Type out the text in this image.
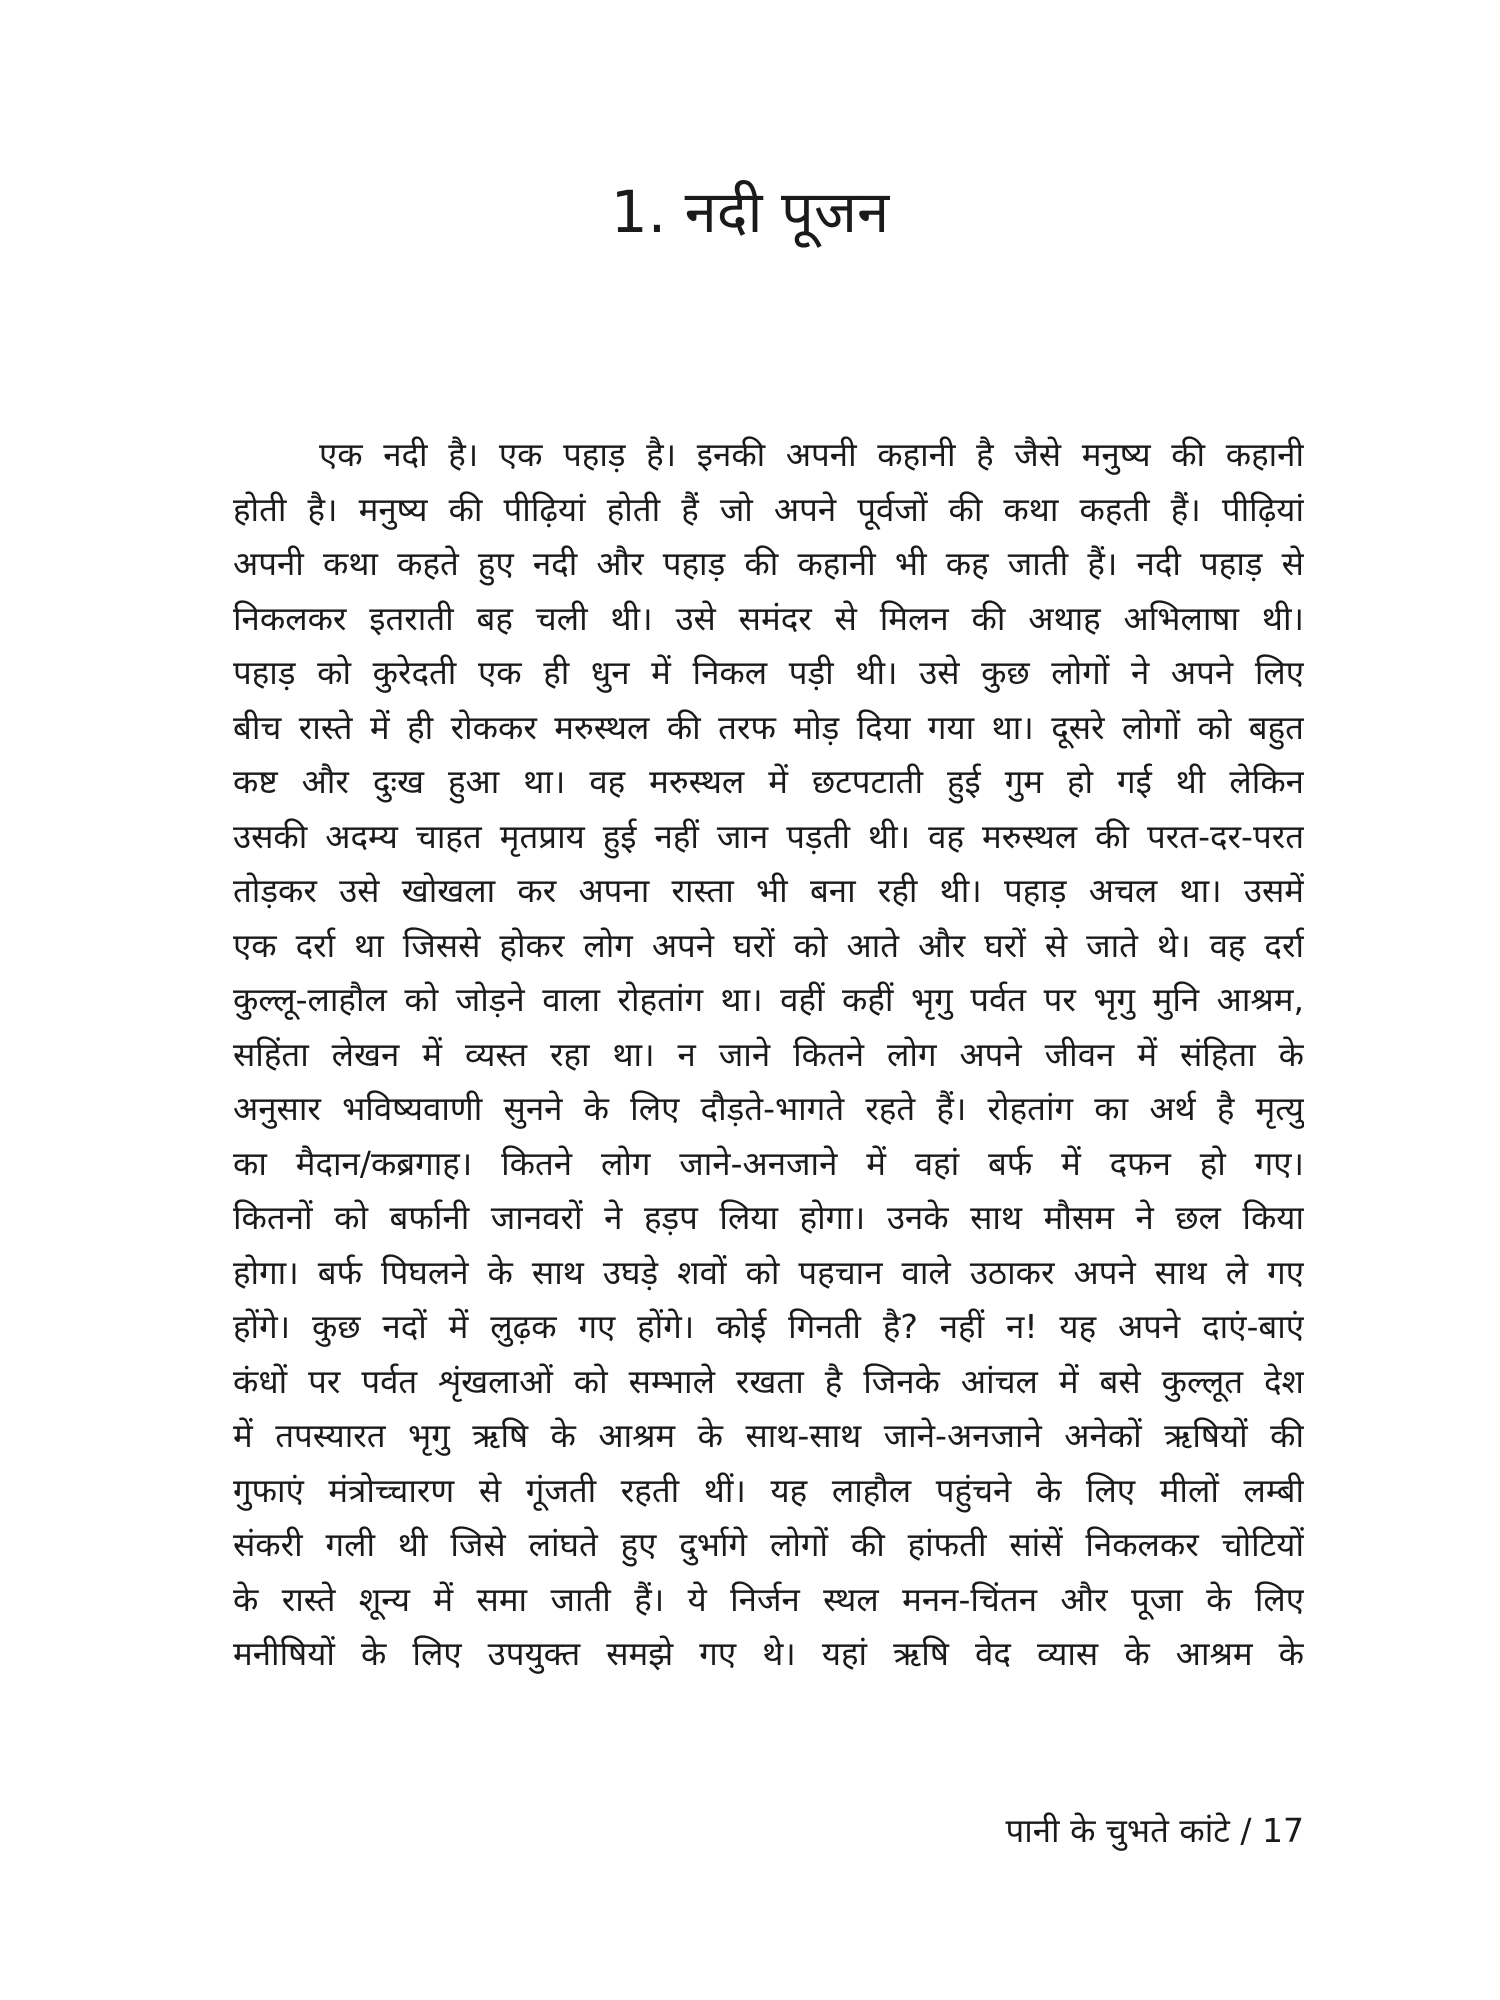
1. नदी पूजन
एक नदी है। एक पहाड़ है। इनकी अपनी कहानी है जैसे मनुष्य की कहानी
होती है। मनुष्य की पीढ़ियां होती हैं जो अपने पूर्वजों की कथा कहती हैं। पीढ़ियां
अपनी कथा कहते हुए नदी और पहाड़ की कहानी भी कह जाती हैं। नदी पहाड़ से
निकलकर इतराती बह चली थी। उसे समंदर से मिलन की अथाह अभिलाषा थी।
पहाड़ को कुरेदती एक ही धुन में निकल पड़ी थी। उसे कुछ लोगों ने अपने लिए
बीच रास्ते में ही रोककर मरुस्थल की तरफ मोड़ दिया गया था। दूसरे लोगों को बहुत
कष्ट और दुःख हुआ था। वह मरुस्थल में छटपटाती हुई गुम हो गई थी लेकिन
उसकी अदम्य चाहत मृतप्राय हुई नहीं जान पड़ती थी। वह मरुस्थल की परत-दर-परत
तोड़कर उसे खोखला कर अपना रास्ता भी बना रही थी। पहाड़ अचल था। उसमें
एक दर्रा था जिससे होकर लोग अपने घरों को आते और घरों से जाते थे। वह दर्रा
कुल्लू-लाहौल को जोड़ने वाला रोहतांग था। वहीं कहीं भृगु पर्वत पर भृगु मुनि आश्रम,
सहिंता लेखन में व्यस्त रहा था। न जाने कितने लोग अपने जीवन में संहिता के
अनुसार भविष्यवाणी सुनने के लिए दौड़ते-भागते रहते हैं। रोहतांग का अर्थ है मृत्यु
का मैदान/कब्रगाह। कितने लोग जाने-अनजाने में वहां बर्फ में दफन हो गए।
कितनों को बर्फानी जानवरों ने हड़प लिया होगा। उनके साथ मौसम ने छल किया
होगा। बर्फ पिघलने के साथ उघड़े शवों को पहचान वाले उठाकर अपने साथ ले गए
होंगे। कुछ नदों में लुढ़क गए होंगे। कोई गिनती है? नहीं न! यह अपने दाएं-बाएं
कंधों पर पर्वत शृंखलाओं को सम्भाले रखता है जिनके आंचल में बसे कुल्लूत देश
में तपस्यारत भृगु ऋषि के आश्रम के साथ-साथ जाने-अनजाने अनेकों ऋषियों की
गुफाएं मंत्रोच्चारण से गूंजती रहती थीं। यह लाहौल पहुंचने के लिए मीलों लम्बी
संकरी गली थी जिसे लांघते हुए दुर्भागे लोगों की हांफती सांसें निकलकर चोटियों
के रास्ते शून्य में समा जाती हैं। ये निर्जन स्थल मनन-चिंतन और पूजा के लिए
मनीषियों के लिए उपयुक्त समझे गए थे। यहां ऋषि वेद व्यास के आश्रम के
पानी के चुभते कांटे / 17
